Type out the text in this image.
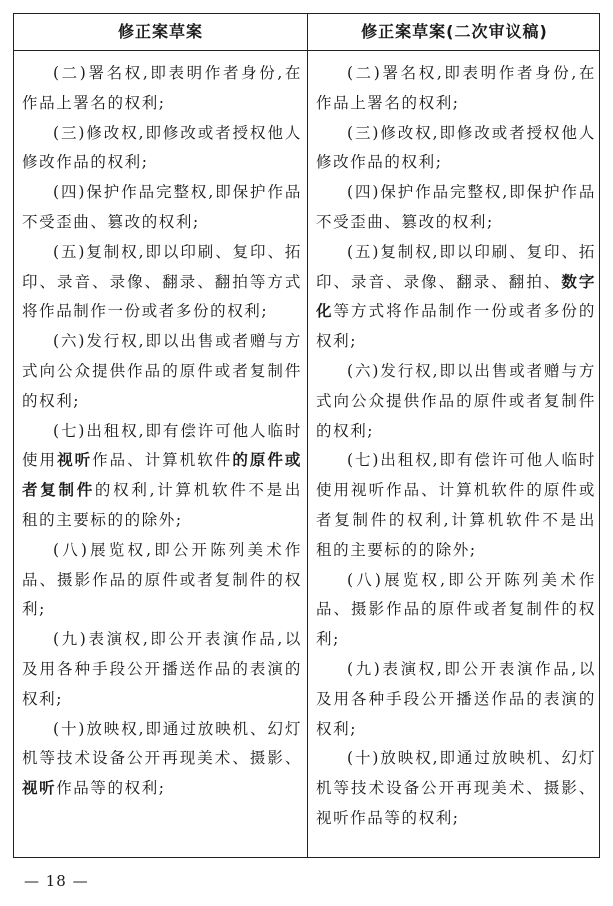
修正案草案	修正案草案(二次审议稿)

(二)署名权,即表明作者身份,在作品上署名的权利;

(三)修改权,即修改或者授权他人修改作品的权利;

(四)保护作品完整权,即保护作品不受歪曲、篡改的权利;

(五)复制权,即以印刷、复印、拓印、录音、录像、翻录、翻拍等方式将作品制作一份或者多份的权利;

(六)发行权,即以出售或者赠与方式向公众提供作品的原件或者复制件的权利;

(七)出租权,即有偿许可他人临时使用视听作品、计算机软件的原件或者复制件的权利,计算机软件不是出租的主要标的的除外;

(八)展览权,即公开陈列美术作品、摄影作品的原件或者复制件的权利;

(九)表演权,即公开表演作品,以及用各种手段公开播送作品的表演的权利;

(十)放映权,即通过放映机、幻灯机等技术设备公开再现美术、摄影、视听作品等的权利;

(二)署名权,即表明作者身份,在作品上署名的权利;

(三)修改权,即修改或者授权他人修改作品的权利;

(四)保护作品完整权,即保护作品不受歪曲、篡改的权利;

(五)复制权,即以印刷、复印、拓印、录音、录像、翻录、翻拍、数字化等方式将作品制作一份或者多份的权利;

(六)发行权,即以出售或者赠与方式向公众提供作品的原件或者复制件的权利;

(七)出租权,即有偿许可他人临时使用视听作品、计算机软件的原件或者复制件的权利,计算机软件不是出租的主要标的的除外;

(八)展览权,即公开陈列美术作品、摄影作品的原件或者复制件的权利;

(九)表演权,即公开表演作品,以及用各种手段公开播送作品的表演的权利;

(十)放映权,即通过放映机、幻灯机等技术设备公开再现美术、摄影、视听作品等的权利;

— 18 —
